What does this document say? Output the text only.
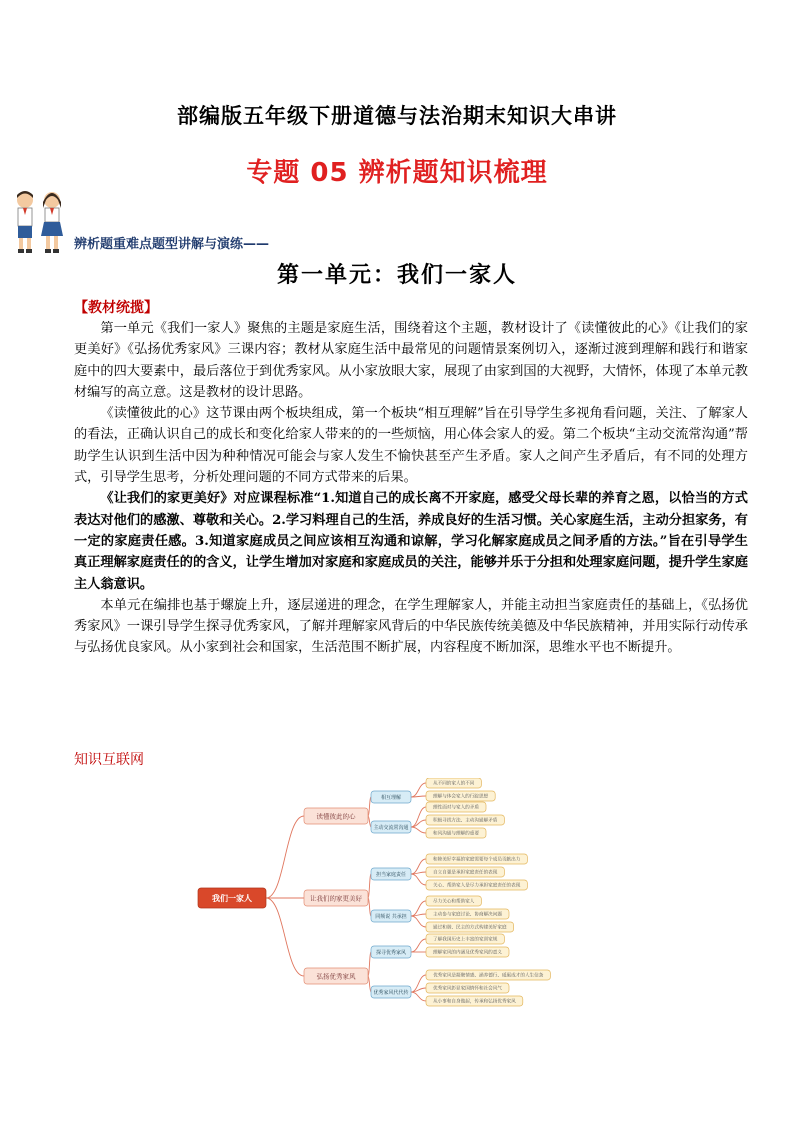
部编版五年级下册道德与法治期末知识大串讲
专题 05 辨析题知识梳理
辨析题重难点题型讲解与演练——
第一单元：我们一家人
【教材统揽】

第一单元《我们一家人》聚焦的主题是家庭生活，围绕着这个主题，教材设计了《读懂彼此的心》《让我们的家更美好》《弘扬优秀家风》三课内容；教材从家庭生活中最常见的问题情景案例切入，逐渐过渡到理解和践行和谐家庭中的四大要素中，最后落位于到优秀家风。从小家放眼大家，展现了由家到国的大视野，大情怀，体现了本单元教材编写的高立意。这是教材的设计思路。

《读懂彼此的心》这节课由两个板块组成，第一个板块“相互理解”旨在引导学生多视角看问题，关注、了解家人的看法，正确认识自己的成长和变化给家人带来的的一些烦恼，用心体会家人的爱。第二个板块“主动交流常沟通”帮助学生认识到生活中因为种种情况可能会与家人发生不愉快甚至产生矛盾。家人之间产生矛盾后，有不同的处理方式，引导学生思考，分析处理问题的不同方式带来的后果。

《让我们的家更美好》对应课程标准“1.知道自己的成长离不开家庭，感受父母长辈的养育之恩，以恰当的方式表达对他们的感激、尊敬和关心。2.学习料理自己的生活，养成良好的生活习惯。关心家庭生活，主动分担家务，有一定的家庭责任感。3.知道家庭成员之间应该相互沟通和谅解，学习化解家庭成员之间矛盾的方法。”旨在引导学生真正理解家庭责任的的含义，让学生增加对家庭和家庭成员的关注，能够并乐于分担和处理家庭问题，提升学生家庭主人翁意识。

本单元在编排也基于螺旋上升，逐层递进的理念，在学生理解家人，并能主动担当家庭责任的基础上，《弘扬优秀家风》一课引导学生探寻优秀家风，了解并理解家风背后的中华民族传统美德及中华民族精神，并用实际行动传承与弘扬优良家风。从小家到社会和国家，生活范围不断扩展，内容程度不断加深，思维水平也不断提升。

知识互联网
从不同的家人的不同
理解与体会家人的行踪思想
相互理解
理性面对与家人的矛盾
积极寻找方法、主动沟通解矛盾
和风沟通与理解的重要
主动交流常沟通
读懂彼此的心
和睦美好幸福的家庭需要每个成员贡献出力
自立自强是承担家庭责任的表现
关心、帮助家人是尽力承担家庭责任的表现
担当家庭责任
尽力关心和帮助家人
主动参与家庭讨论、协商解决问题
通过和谐、民主的方式构建美好家庭
同频说 共承担
让我们的家更美好
了解我国历史上丰富的家训家规
理解家风的内涵及优秀家风的意义
探寻优秀家风
优秀家风是凝聚情感、涵养德行、砥砺成才的人生信条
优秀家风彰显家国情怀和社会风气
从小事和自身做起，传承和弘扬优秀家风
优秀家风代代传
弘扬优秀家风
我们一家人
